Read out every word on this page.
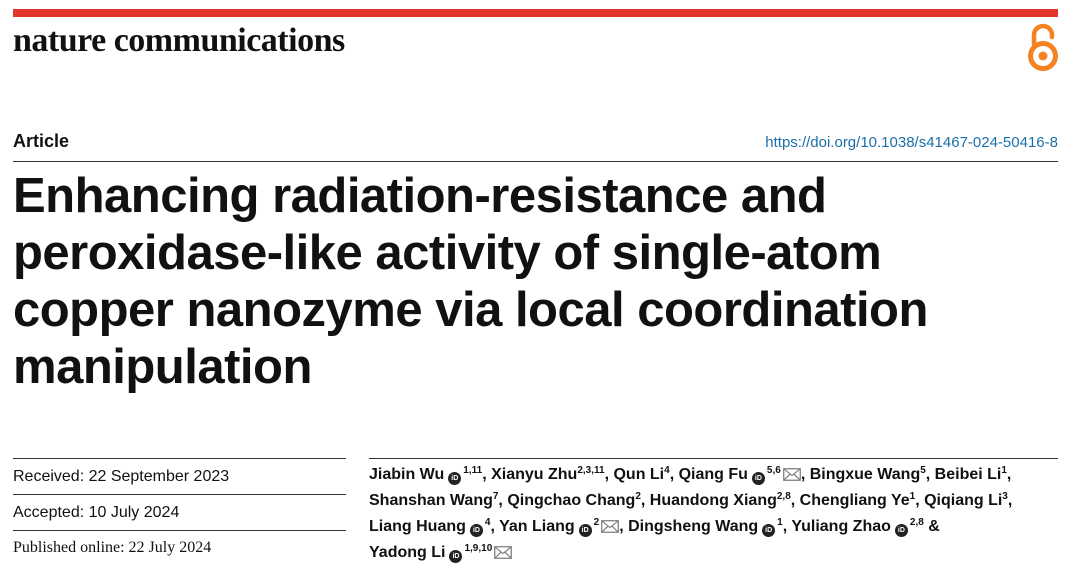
nature communications
Article	https://doi.org/10.1038/s41467-024-50416-8
Enhancing radiation-resistance and peroxidase-like activity of single-atom copper nanozyme via local coordination manipulation
Received: 22 September 2023
Accepted: 10 July 2024
Published online: 22 July 2024
Jiabin Wu iD$^{1,11}$, Xianyu Zhu$^{2,3,11}$, Qun Li$^4$, Qiang Fu iD$^{5,6}$ , Bingxue Wang$^5$, Beibei Li$^1$, Shanshan Wang$^7$, Qingchao Chang$^2$, Huandong Xiang$^{2,8}$, Chengliang Ye$^1$, Qiqiang Li$^3$, Liang Huang $iD^4$, Yan Liang $iD^2$ , Dingsheng Wang $iD^1$, Yuliang Zhao iD$^{2,8}$ & Yadong Li iD$^{1,9,10}$
